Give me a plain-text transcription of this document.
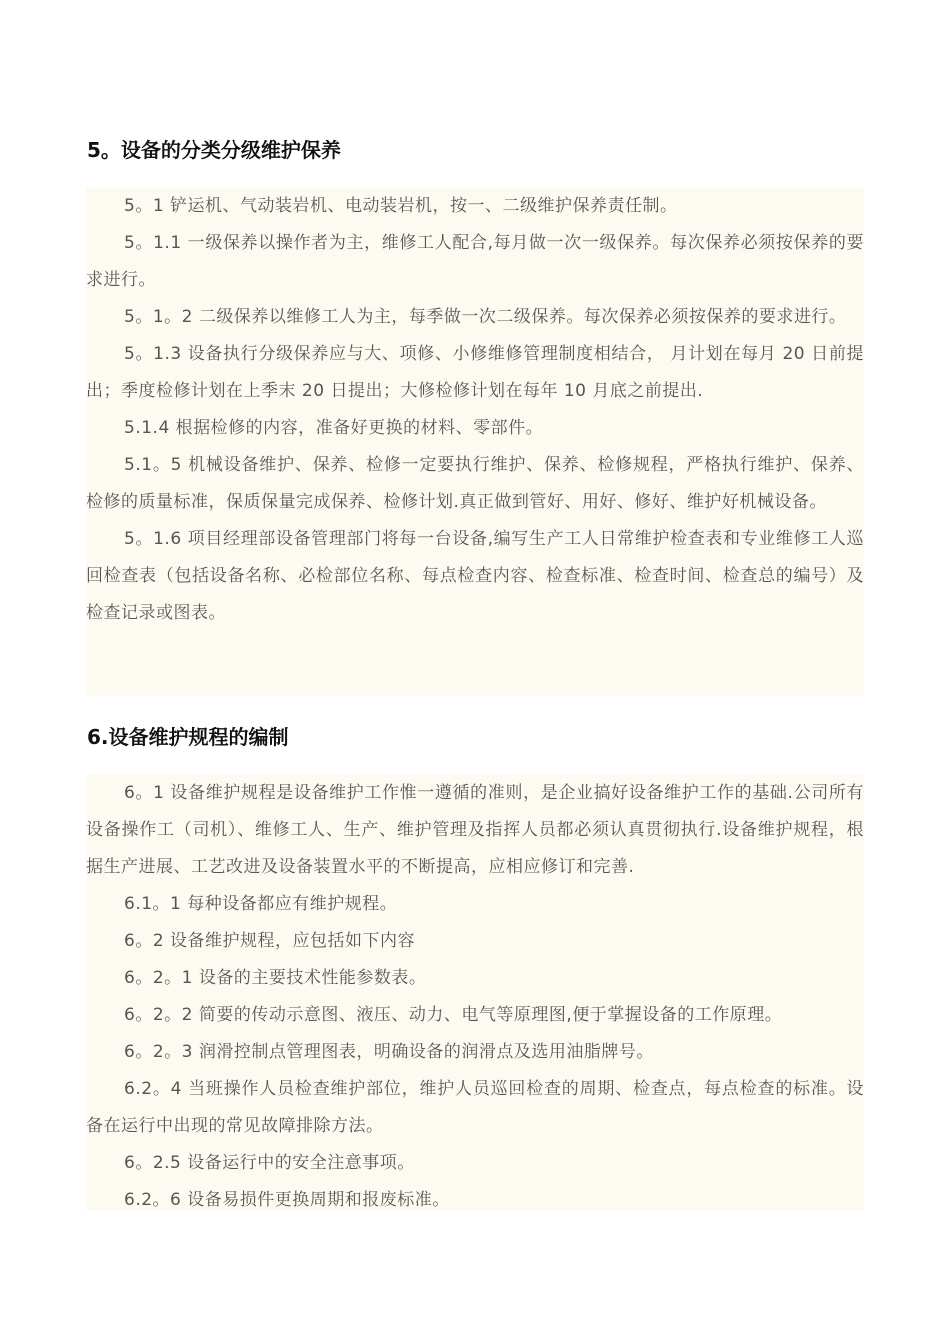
5。设备的分类分级维护保养

5。1 铲运机、气动装岩机、电动装岩机，按一、二级维护保养责任制。

5。1.1 一级保养以操作者为主，维修工人配合,每月做一次一级保养。每次保养必须按保养的要求进行。

5。1。2 二级保养以维修工人为主，每季做一次二级保养。每次保养必须按保养的要求进行。

5。1.3 设备执行分级保养应与大、项修、小修维修管理制度相结合， 月计划在每月 20 日前提出；季度检修计划在上季末 20 日提出；大修检修计划在每年 10 月底之前提出.

5.1.4 根据检修的内容，准备好更换的材料、零部件。

5.1。5 机械设备维护、保养、检修一定要执行维护、保养、检修规程，严格执行维护、保养、检修的质量标准，保质保量完成保养、检修计划.真正做到管好、用好、修好、维护好机械设备。

5。1.6 项目经理部设备管理部门将每一台设备,编写生产工人日常维护检查表和专业维修工人巡回检查表（包括设备名称、必检部位名称、每点检查内容、检查标准、检查时间、检查总的编号）及检查记录或图表。

6.设备维护规程的编制

6。1 设备维护规程是设备维护工作惟一遵循的准则，是企业搞好设备维护工作的基础.公司所有设备操作工（司机）、维修工人、生产、维护管理及指挥人员都必须认真贯彻执行.设备维护规程，根据生产进展、工艺改进及设备装置水平的不断提高，应相应修订和完善.

6.1。1 每种设备都应有维护规程。

6。2 设备维护规程，应包括如下内容

6。2。1 设备的主要技术性能参数表。

6。2。2 简要的传动示意图、液压、动力、电气等原理图,便于掌握设备的工作原理。

6。2。3 润滑控制点管理图表，明确设备的润滑点及选用油脂牌号。

6.2。4 当班操作人员检查维护部位，维护人员巡回检查的周期、检查点，每点检查的标准。设备在运行中出现的常见故障排除方法。

6。2.5 设备运行中的安全注意事项。

6.2。6 设备易损件更换周期和报废标准。
